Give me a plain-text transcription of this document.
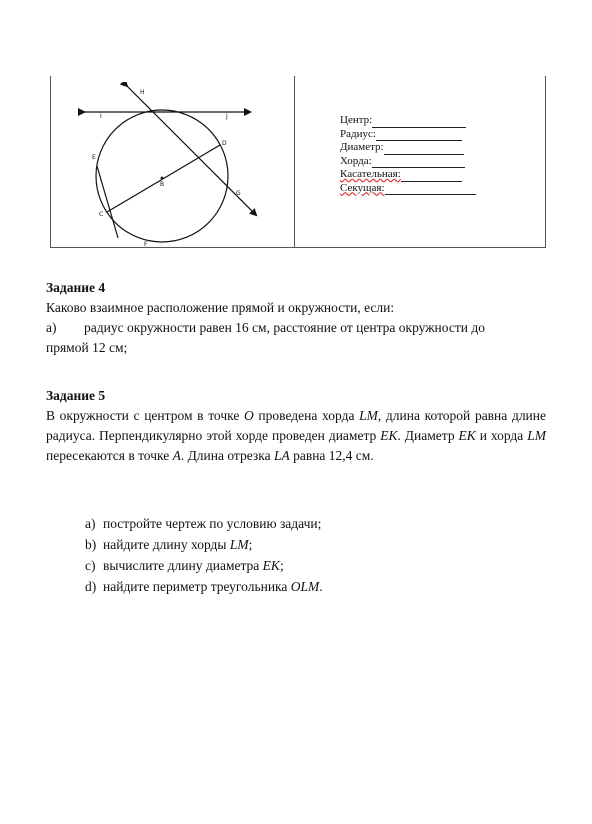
H
I	J
D
E
B
G
C
F
Центр:
Радиус:
Диаметр:
Хорда:
Касательная:
Секущая:
Задание 4
Каково взаимное расположение прямой и окружности, если:
а)	радиус окружности равен 16 см, расстояние от центра окружности до
прямой 12 см;
Задание 5
В окружности с центром в точке O проведена хорда LM, длина которой равна длине радиуса. Перпендикулярно этой хорде проведен диаметр EK. Диаметр EK и хорда LM пересекаются в точке A. Длина отрезка LA равна 12,4 см.
a) постройте чертеж по условию задачи;
b) найдите длину хорды LM;
c) вычислите длину диаметра EK;
d) найдите периметр треугольника OLM.
